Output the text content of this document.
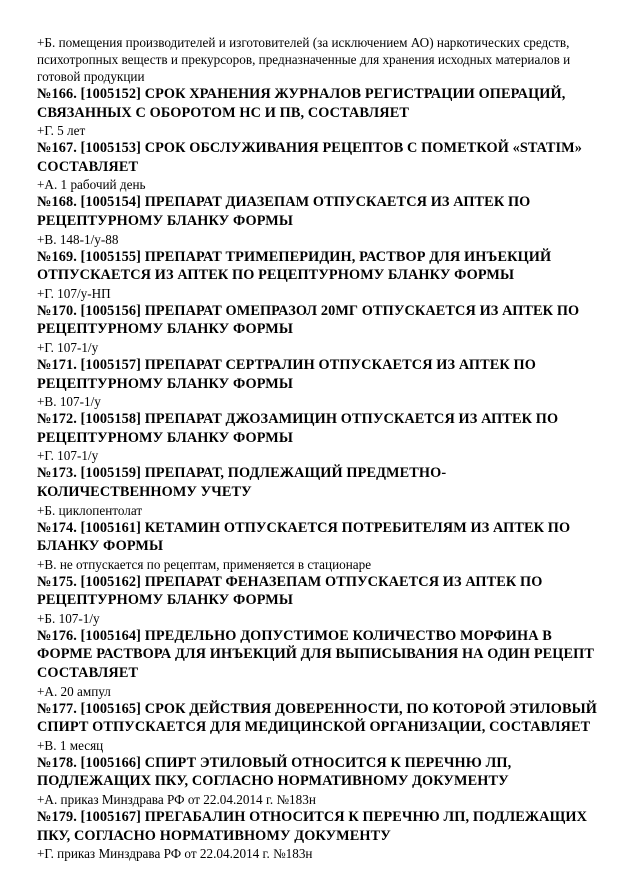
+Б. помещения производителей и изготовителей (за исключением АО) наркотических средств, психотропных веществ и прекурсоров, предназначенные для хранения исходных материалов и готовой продукции

№166. [1005152] СРОК ХРАНЕНИЯ ЖУРНАЛОВ РЕГИСТРАЦИИ ОПЕРАЦИЙ, СВЯЗАННЫХ С ОБОРОТОМ НС И ПВ, СОСТАВЛЯЕТ

+Г. 5 лет

№167. [1005153] СРОК ОБСЛУЖИВАНИЯ РЕЦЕПТОВ С ПОМЕТКОЙ «STATIM» СОСТАВЛЯЕТ

+А. 1 рабочий день

№168. [1005154] ПРЕПАРАТ ДИАЗЕПАМ ОТПУСКАЕТСЯ ИЗ АПТЕК ПО РЕЦЕПТУРНОМУ БЛАНКУ ФОРМЫ

+В. 148-1/у-88

№169. [1005155] ПРЕПАРАТ ТРИМЕПЕРИДИН, РАСТВОР ДЛЯ ИНЪЕКЦИЙ ОТПУСКАЕТСЯ ИЗ АПТЕК ПО РЕЦЕПТУРНОМУ БЛАНКУ ФОРМЫ

+Г. 107/у-НП

№170. [1005156] ПРЕПАРАТ ОМЕПРАЗОЛ 20МГ ОТПУСКАЕТСЯ ИЗ АПТЕК ПО РЕЦЕПТУРНОМУ БЛАНКУ ФОРМЫ

+Г. 107-1/у

№171. [1005157] ПРЕПАРАТ СЕРТРАЛИН ОТПУСКАЕТСЯ ИЗ АПТЕК ПО РЕЦЕПТУРНОМУ БЛАНКУ ФОРМЫ

+В. 107-1/у

№172. [1005158] ПРЕПАРАТ ДЖОЗАМИЦИН ОТПУСКАЕТСЯ ИЗ АПТЕК ПО РЕЦЕПТУРНОМУ БЛАНКУ ФОРМЫ

+Г. 107-1/у

№173. [1005159] ПРЕПАРАТ, ПОДЛЕЖАЩИЙ ПРЕДМЕТНО-КОЛИЧЕСТВЕННОМУ УЧЕТУ

+Б. циклопентолат

№174. [1005161] КЕТАМИН ОТПУСКАЕТСЯ ПОТРЕБИТЕЛЯМ ИЗ АПТЕК ПО БЛАНКУ ФОРМЫ

+В. не отпускается по рецептам, применяется в стационаре

№175. [1005162] ПРЕПАРАТ ФЕНАЗЕПАМ ОТПУСКАЕТСЯ ИЗ АПТЕК ПО РЕЦЕПТУРНОМУ БЛАНКУ ФОРМЫ

+Б. 107-1/у

№176. [1005164] ПРЕДЕЛЬНО ДОПУСТИМОЕ КОЛИЧЕСТВО МОРФИНА В ФОРМЕ РАСТВОРА ДЛЯ ИНЪЕКЦИЙ ДЛЯ ВЫПИСЫВАНИЯ НА ОДИН РЕЦЕПТ СОСТАВЛЯЕТ

+А. 20 ампул

№177. [1005165] СРОК ДЕЙСТВИЯ ДОВЕРЕННОСТИ, ПО КОТОРОЙ ЭТИЛОВЫЙ СПИРТ ОТПУСКАЕТСЯ ДЛЯ МЕДИЦИНСКОЙ ОРГАНИЗАЦИИ, СОСТАВЛЯЕТ

+В. 1 месяц

№178. [1005166] СПИРТ ЭТИЛОВЫЙ ОТНОСИТСЯ К ПЕРЕЧНЮ ЛП, ПОДЛЕЖАЩИХ ПКУ, СОГЛАСНО НОРМАТИВНОМУ ДОКУМЕНТУ

+А. приказ Минздрава РФ от 22.04.2014 г. №183н

№179. [1005167] ПРЕГАБАЛИН ОТНОСИТСЯ К ПЕРЕЧНЮ ЛП, ПОДЛЕЖАЩИХ ПКУ, СОГЛАСНО НОРМАТИВНОМУ ДОКУМЕНТУ

+Г. приказ Минздрава РФ от 22.04.2014 г. №183н
